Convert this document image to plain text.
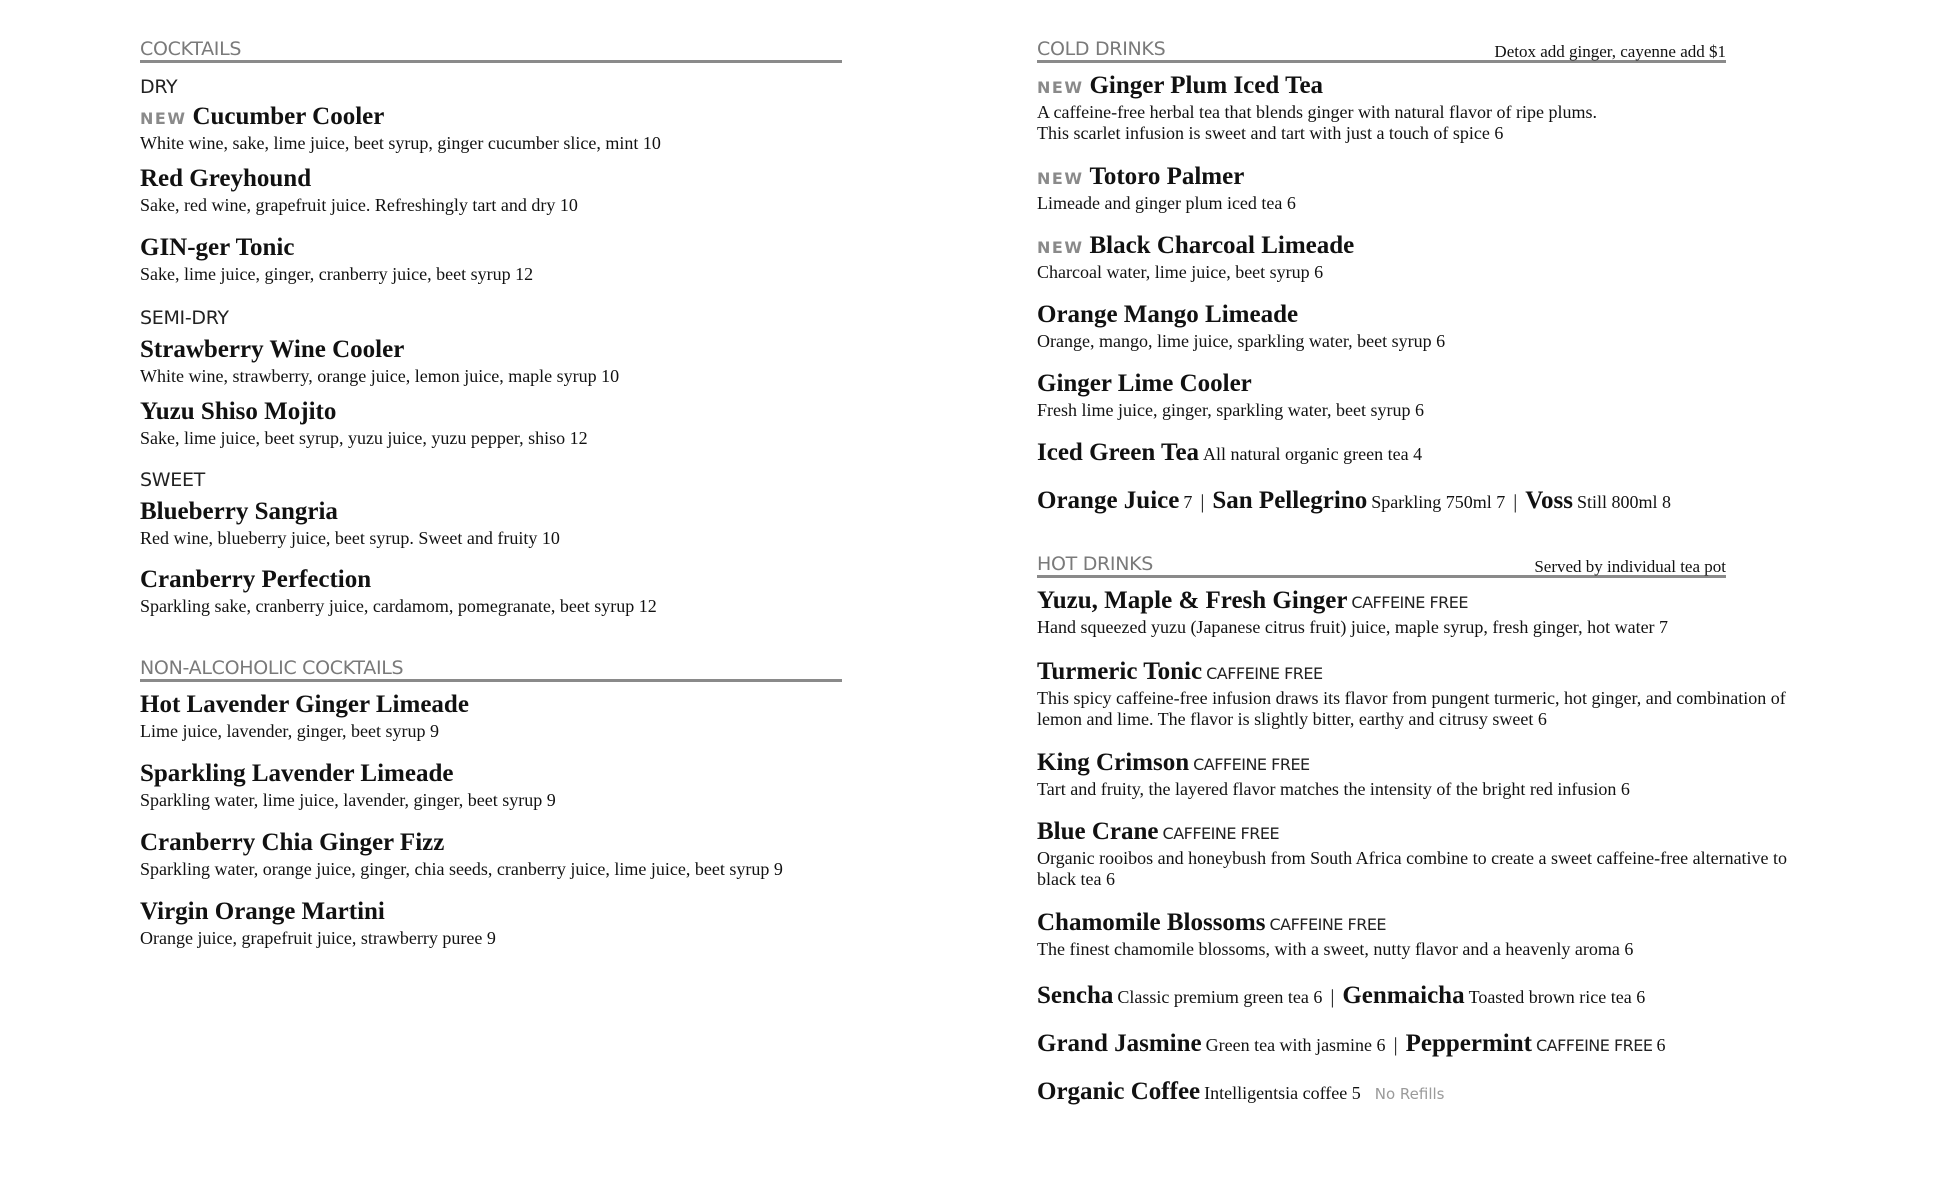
COCKTAILS
DRY
NEW Cucumber Cooler
White wine, sake, lime juice, beet syrup, ginger cucumber slice, mint 10
Red Greyhound
Sake, red wine, grapefruit juice. Refreshingly tart and dry 10
GIN-ger Tonic
Sake, lime juice, ginger, cranberry juice, beet syrup 12
SEMI-DRY
Strawberry Wine Cooler
White wine, strawberry, orange juice, lemon juice, maple syrup 10
Yuzu Shiso Mojito
Sake, lime juice, beet syrup, yuzu juice, yuzu pepper, shiso 12
SWEET
Blueberry Sangria
Red wine, blueberry juice, beet syrup. Sweet and fruity 10
Cranberry Perfection
Sparkling sake, cranberry juice, cardamom, pomegranate, beet syrup 12
NON-ALCOHOLIC COCKTAILS
Hot Lavender Ginger Limeade
Lime juice, lavender, ginger, beet syrup 9
Sparkling Lavender Limeade
Sparkling water, lime juice, lavender, ginger, beet syrup 9
Cranberry Chia Ginger Fizz
Sparkling water, orange juice, ginger, chia seeds, cranberry juice, lime juice, beet syrup 9
Virgin Orange Martini
Orange juice, grapefruit juice, strawberry puree 9
COLD DRINKS	Detox add ginger, cayenne add $1
NEW Ginger Plum Iced Tea
A caffeine-free herbal tea that blends ginger with natural flavor of ripe plums.
This scarlet infusion is sweet and tart with just a touch of spice 6
NEW Totoro Palmer
Limeade and ginger plum iced tea 6
NEW Black Charcoal Limeade
Charcoal water, lime juice, beet syrup 6
Orange Mango Limeade
Orange, mango, lime juice, sparkling water, beet syrup 6
Ginger Lime Cooler
Fresh lime juice, ginger, sparkling water, beet syrup 6
Iced Green Tea All natural organic green tea 4
Orange Juice 7 | San Pellegrino Sparkling 750ml 7 | Voss Still 800ml 8
HOT DRINKS	Served by individual tea pot
Yuzu, Maple & Fresh Ginger CAFFEINE FREE
Hand squeezed yuzu (Japanese citrus fruit) juice, maple syrup, fresh ginger, hot water 7
Turmeric Tonic CAFFEINE FREE
This spicy caffeine-free infusion draws its flavor from pungent turmeric, hot ginger, and combination of
lemon and lime. The flavor is slightly bitter, earthy and citrusy sweet 6
King Crimson CAFFEINE FREE
Tart and fruity, the layered flavor matches the intensity of the bright red infusion 6
Blue Crane CAFFEINE FREE
Organic rooibos and honeybush from South Africa combine to create a sweet caffeine-free alternative to
black tea 6
Chamomile Blossoms CAFFEINE FREE
The finest chamomile blossoms, with a sweet, nutty flavor and a heavenly aroma 6
Sencha Classic premium green tea 6 | Genmaicha Toasted brown rice tea 6
Grand Jasmine Green tea with jasmine 6 | Peppermint CAFFEINE FREE 6
Organic Coffee Intelligentsia coffee 5 No Refills
